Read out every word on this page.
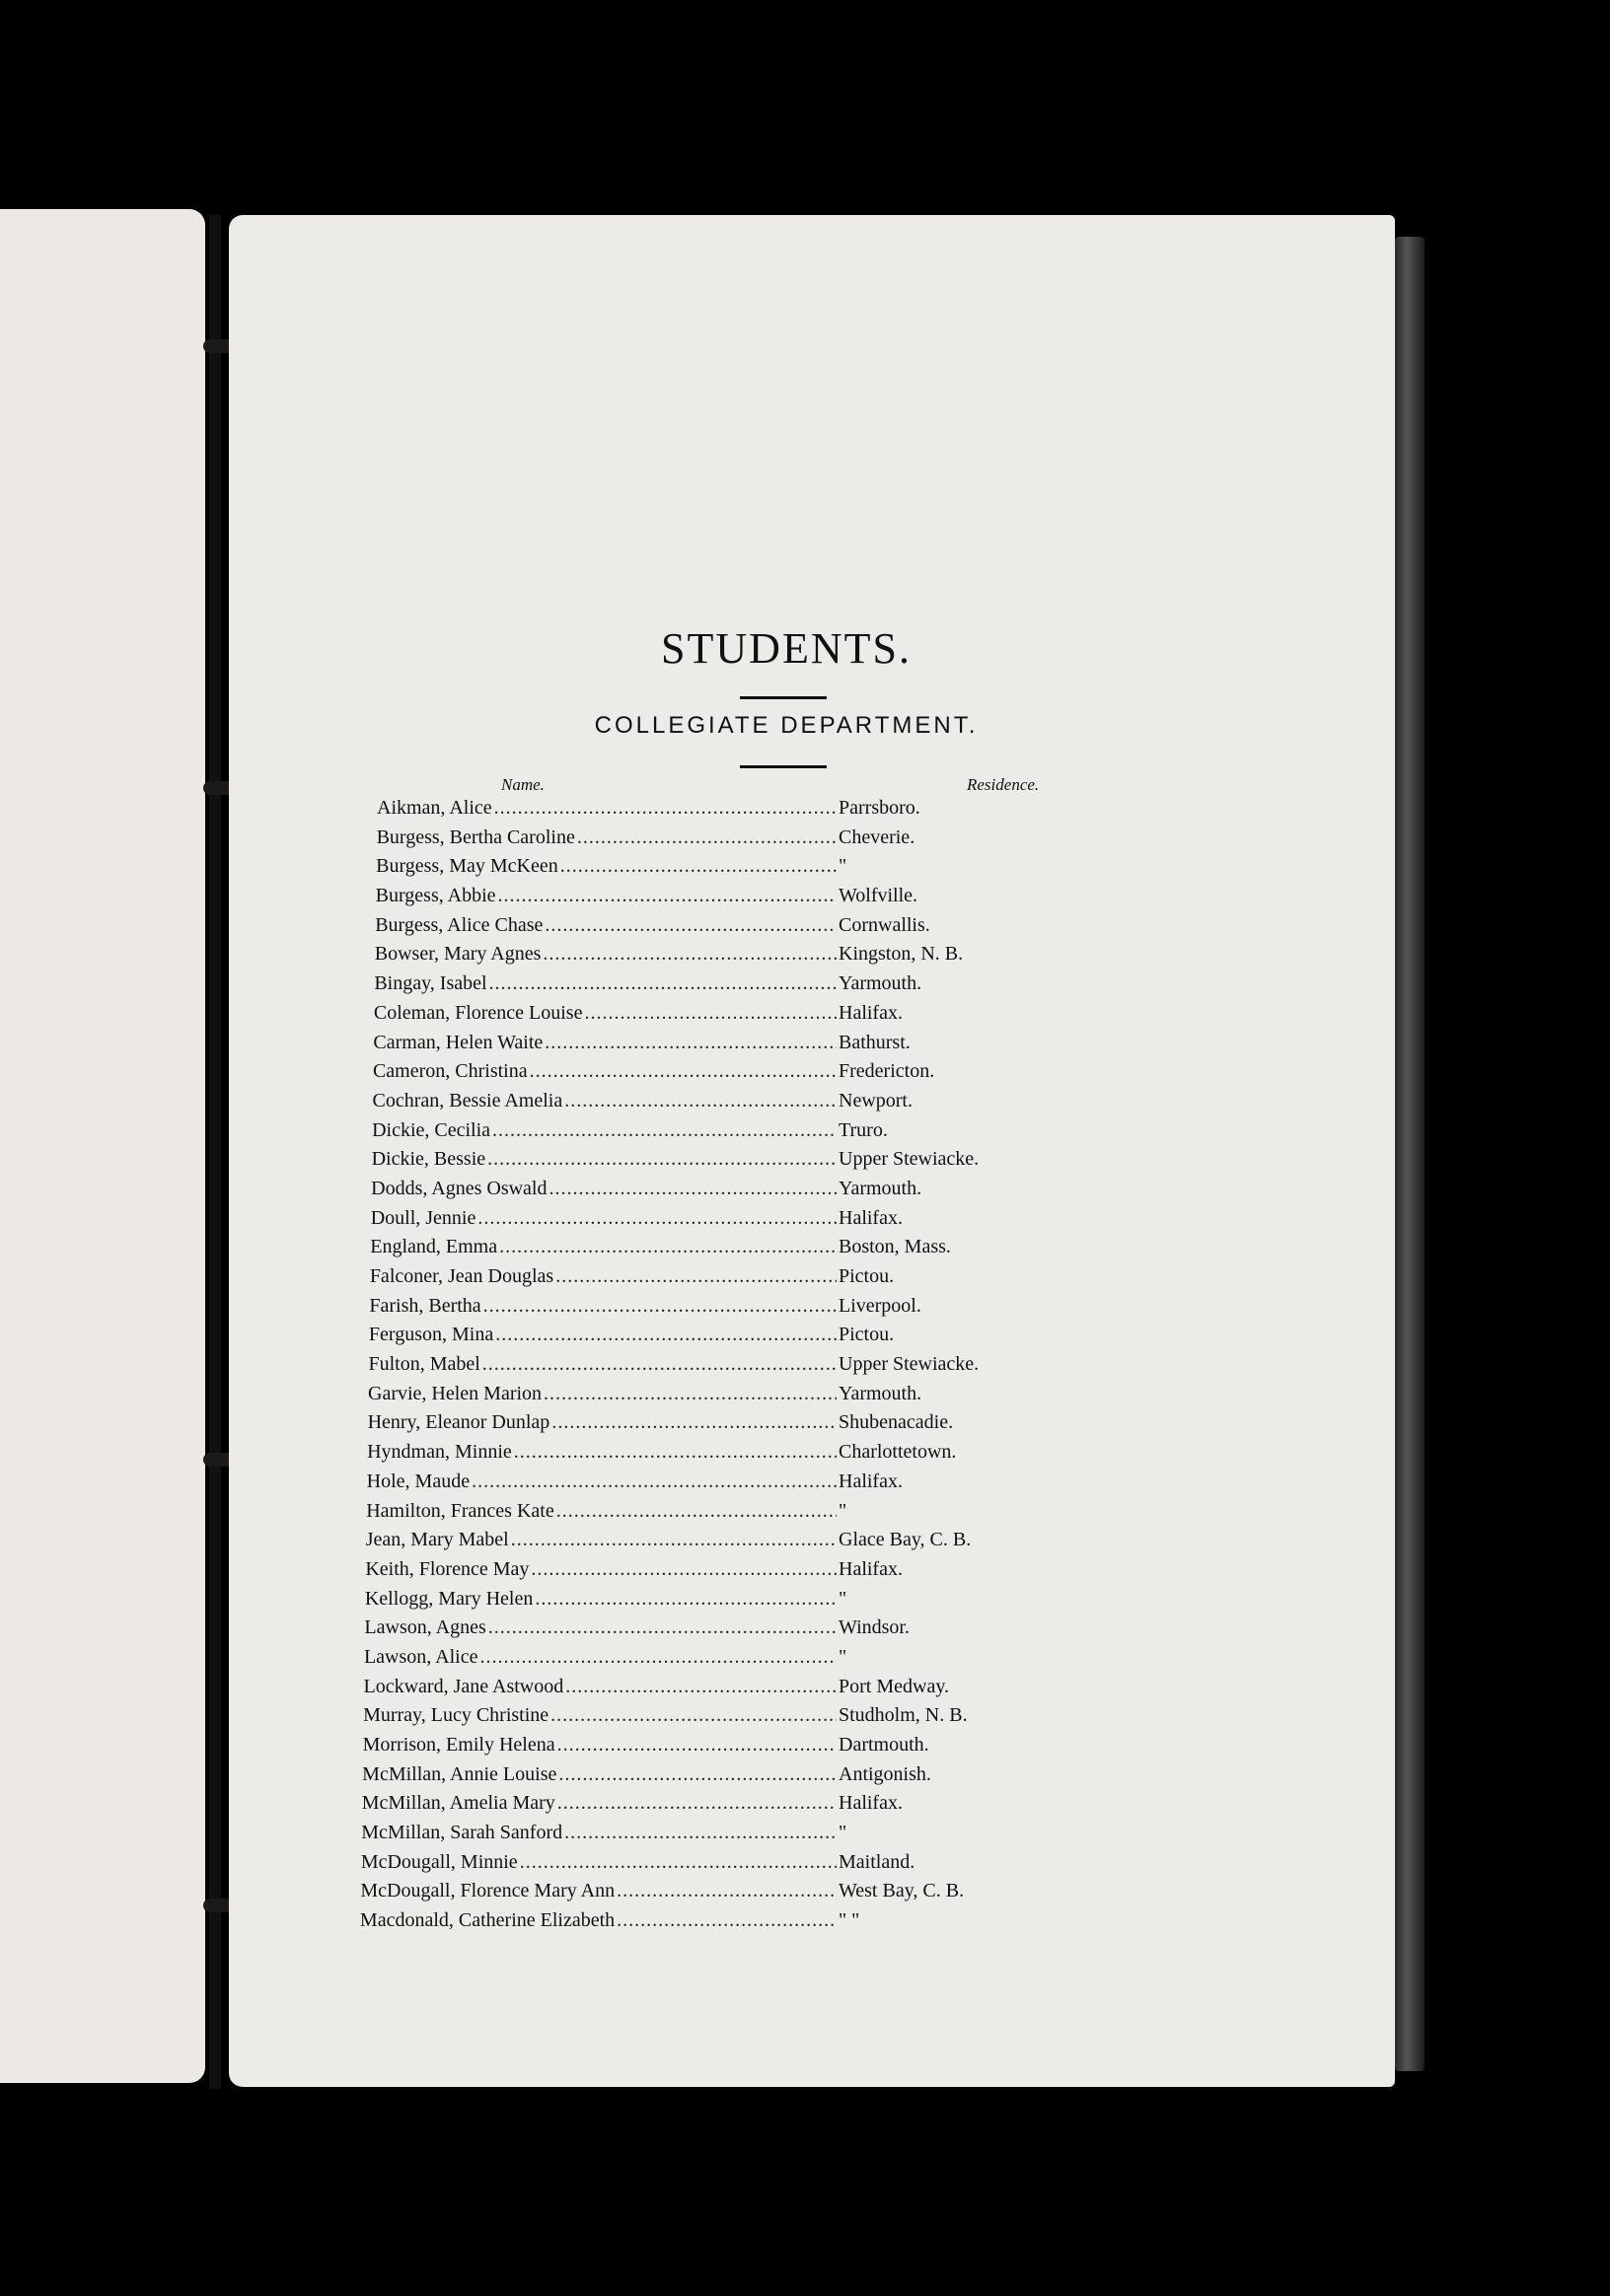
STUDENTS.
COLLEGIATE DEPARTMENT.
Name.	Residence.
Aikman, Alice .....	Parrsboro.
Burgess, Bertha Caroline .....	Cheverie.
Burgess, May McKeen .....	"
Burgess, Abbie .....	Wolfville.
Burgess, Alice Chase .....	Cornwallis.
Bowser, Mary Agnes .....	Kingston, N. B.
Bingay, Isabel .....	Yarmouth.
Coleman, Florence Louise .....	Halifax.
Carman, Helen Waite .....	Bathurst.
Cameron, Christina .....	Fredericton.
Cochran, Bessie Amelia .....	Newport.
Dickie, Cecilia .....	Truro.
Dickie, Bessie .....	Upper Stewiacke.
Dodds, Agnes Oswald .....	Yarmouth.
Doull, Jennie .....	Halifax.
England, Emma .....	Boston, Mass.
Falconer, Jean Douglas .....	Pictou.
Farish, Bertha .....	Liverpool.
Ferguson, Mina .....	Pictou.
Fulton, Mabel .....	Upper Stewiacke.
Garvie, Helen Marion .....	Yarmouth.
Henry, Eleanor Dunlap .....	Shubenacadie.
Hyndman, Minnie .....	Charlottetown.
Hole, Maude .....	Halifax.
Hamilton, Frances Kate .....	"
Jean, Mary Mabel .....	Glace Bay, C. B.
Keith, Florence May .....	Halifax.
Kellogg, Mary Helen .....	"
Lawson, Agnes .....	Windsor.
Lawson, Alice .....	"
Lockward, Jane Astwood .....	Port Medway.
Murray, Lucy Christine .....	Studholm, N. B.
Morrison, Emily Helena .....	Dartmouth.
McMillan, Annie Louise .....	Antigonish.
McMillan, Amelia Mary .....	Halifax.
McMillan, Sarah Sanford .....	"
McDougall, Minnie .....	Maitland.
McDougall, Florence Mary Ann .....	West Bay, C. B.
Macdonald, Catherine Elizabeth .....	" "
